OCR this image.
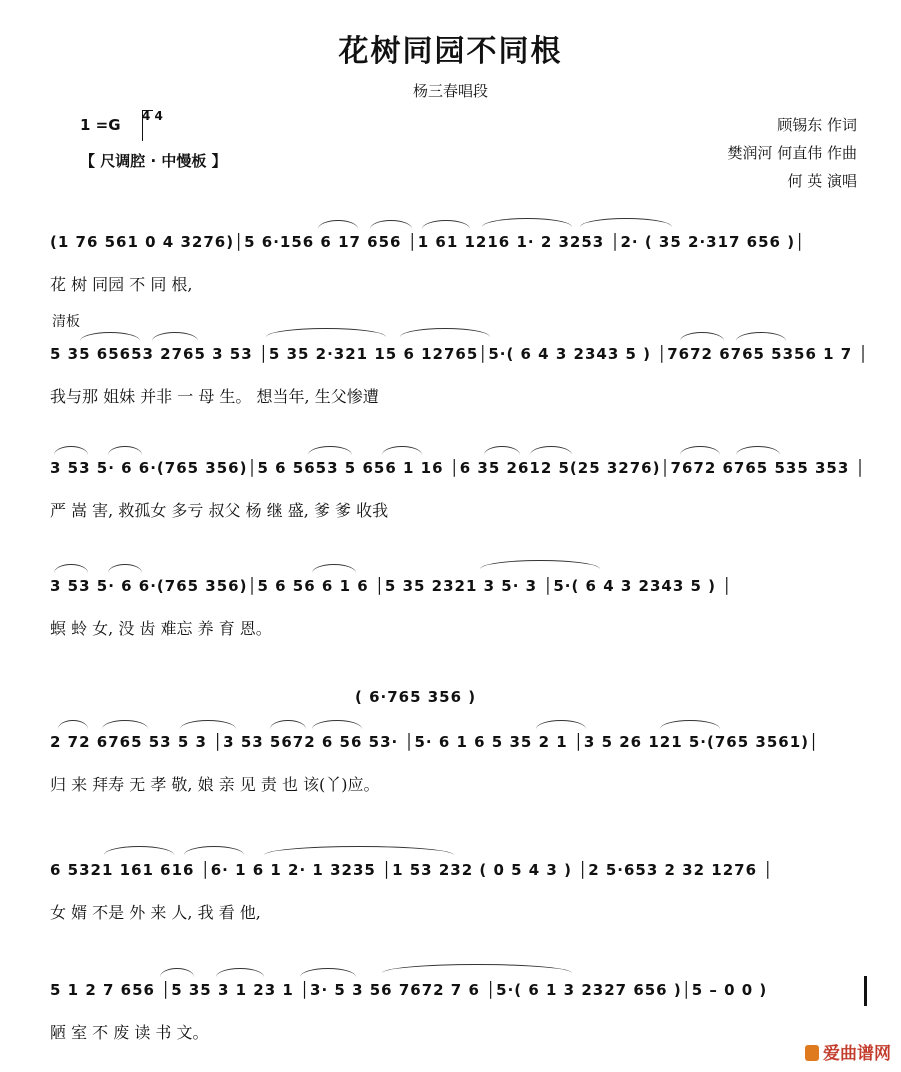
花树同园不同根
杨三春唱段
1 =G 4 4
【 尺调腔 · 中慢板 】
顾锡东 作词
樊润河 何直伟 作曲
何 英 演唱
清板
( 6·765 356 )
(1 76 561 0 4 3276)│5 6·156 6 17 656 │1 61 1216 1· 2 3253 │2· ( 35 2·317 656 )│
花 树 同园 不 同 根,
5 35 65653 2765 3 53 │5 35 2·321 15 6 12765│5·( 6 4 3 2343 5 ) │7672 6765 5356 1 7 │
我与那 姐妹 并非 一 母 生。 想当年, 生父惨遭
3 53 5· 6 6·(765 356)│5 6 5653 5 656 1 16 │6 35 2612 5(25 3276)│7672 6765 535 353 │
严 嵩 害, 救孤女 多亏 叔父 杨 继 盛, 爹 爹 收我
3 53 5· 6 6·(765 356)│5 6 56 6 1 6 │5 35 2321 3 5· 3 │5·( 6 4 3 2343 5 ) │
螟 蛉 女, 没 齿 难忘 养 育 恩。
2 72 6765 53 5 3 │3 53 5672 6 56 53· │5· 6 1 6 5 35 2 1 │3 5 26 121 5·(765 3561)│
归 来 拜寿 无 孝 敬, 娘 亲 见 责 也 该(丫)应。
6 5321 161 616 │6· 1 6 1 2· 1 3235 │1 53 232 ( 0 5 4 3 ) │2 5·653 2 32 1276 │
女 婿 不是 外 来 人, 我 看 他,
5 1 2 7 656 │5 35 3 1 23 1 │3· 5 3 56 7672 7 6 │5·( 6 1 3 2327 656 )│5 – 0 0 )
陋 室 不 废 读 书 文。
爱曲谱网
